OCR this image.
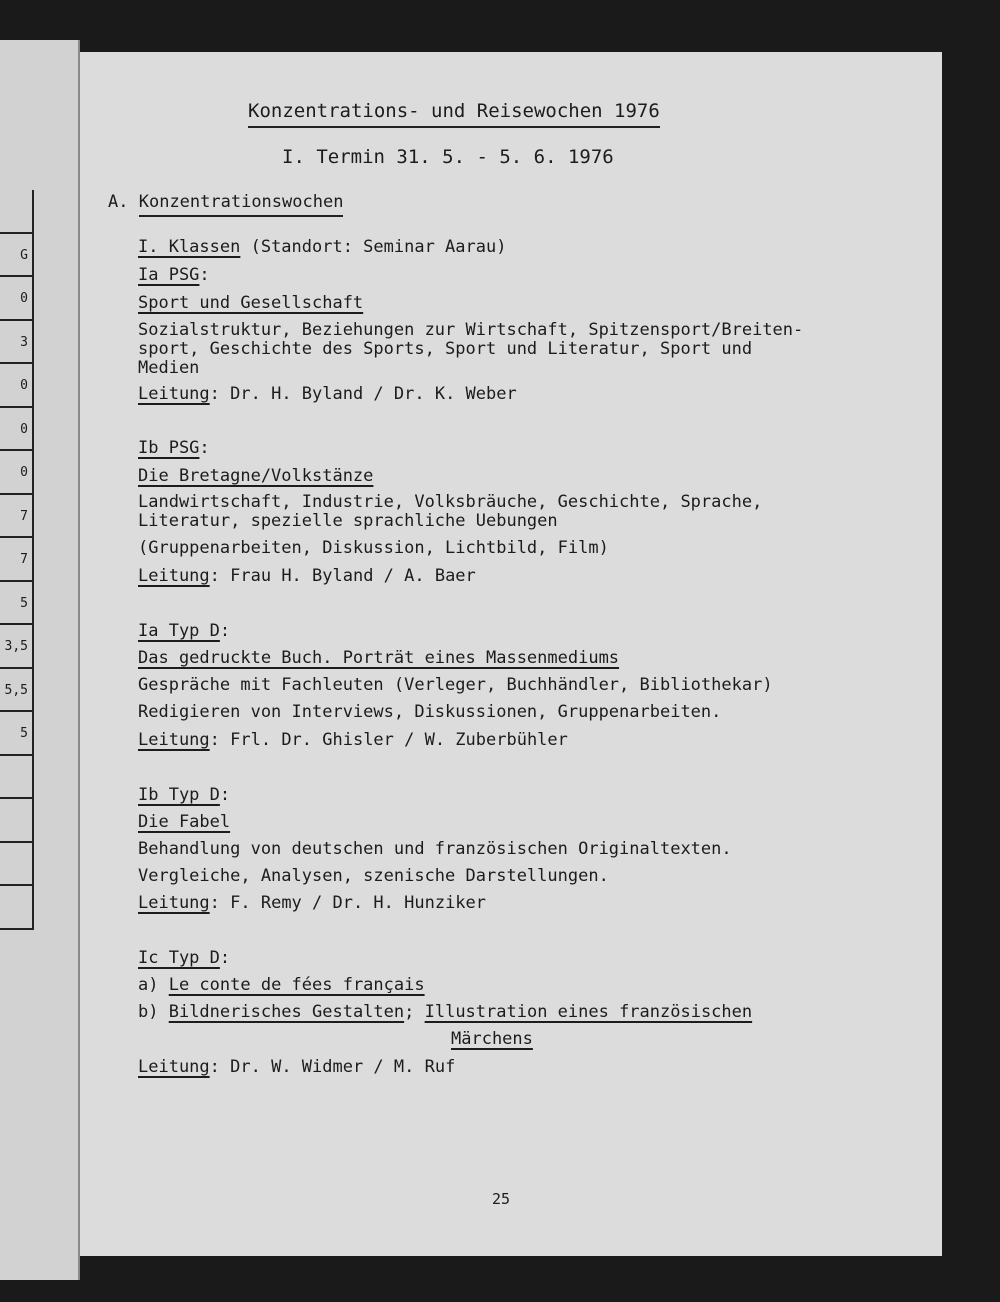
G
0
3
0
0
0
7
7
5
3,5
5,5
5
Konzentrations- und Reisewochen 1976
I. Termin 31. 5. - 5. 6. 1976
A. Konzentrationswochen
I. Klassen (Standort: Seminar Aarau)
Ia PSG:
Sport und Gesellschaft
Sozialstruktur, Beziehungen zur Wirtschaft, Spitzensport/Breiten-
sport, Geschichte des Sports, Sport und Literatur, Sport und
Medien
Leitung: Dr. H. Byland / Dr. K. Weber
Ib PSG:
Die Bretagne/Volkstänze
Landwirtschaft, Industrie, Volksbräuche, Geschichte, Sprache,
Literatur, spezielle sprachliche Uebungen
(Gruppenarbeiten, Diskussion, Lichtbild, Film)
Leitung: Frau H. Byland / A. Baer
Ia Typ D:
Das gedruckte Buch. Porträt eines Massenmediums
Gespräche mit Fachleuten (Verleger, Buchhändler, Bibliothekar)
Redigieren von Interviews, Diskussionen, Gruppenarbeiten.
Leitung: Frl. Dr. Ghisler / W. Zuberbühler
Ib Typ D:
Die Fabel
Behandlung von deutschen und französischen Originaltexten.
Vergleiche, Analysen, szenische Darstellungen.
Leitung: F. Remy / Dr. H. Hunziker
Ic Typ D:
a) Le conte de fées français
b) Bildnerisches Gestalten; Illustration eines französischen
Märchens
Leitung: Dr. W. Widmer / M. Ruf
25
